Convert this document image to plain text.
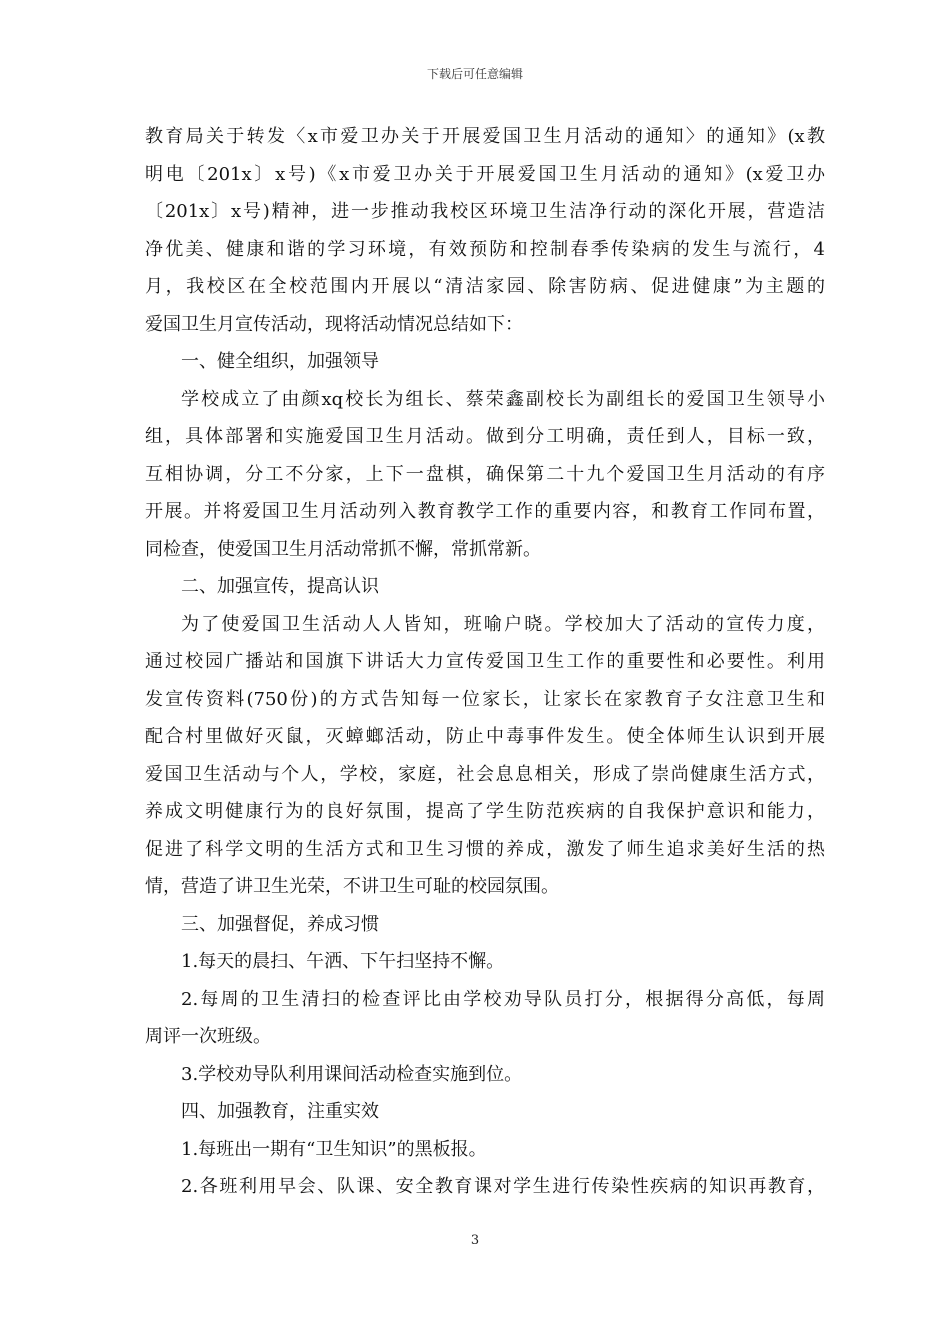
下载后可任意编辑
教育局关于转发〈x市爱卫办关于开展爱国卫生月活动的通知〉的通知》(x教
明电〔201x〕x号)《x市爱卫办关于开展爱国卫生月活动的通知》(x爱卫办
〔201x〕x号)精神，进一步推动我校区环境卫生洁净行动的深化开展，营造洁
净优美、健康和谐的学习环境，有效预防和控制春季传染病的发生与流行，4
月，我校区在全校范围内开展以“清洁家园、除害防病、促进健康”为主题的
爱国卫生月宣传活动，现将活动情况总结如下：
一、健全组织，加强领导
学校成立了由颜xq校长为组长、蔡荣鑫副校长为副组长的爱国卫生领导小
组，具体部署和实施爱国卫生月活动。做到分工明确，责任到人，目标一致，
互相协调，分工不分家，上下一盘棋，确保第二十九个爱国卫生月活动的有序
开展。并将爱国卫生月活动列入教育教学工作的重要内容，和教育工作同布置，
同检查，使爱国卫生月活动常抓不懈，常抓常新。
二、加强宣传，提高认识
为了使爱国卫生活动人人皆知，班喻户晓。学校加大了活动的宣传力度，
通过校园广播站和国旗下讲话大力宣传爱国卫生工作的重要性和必要性。利用
发宣传资料(750份)的方式告知每一位家长，让家长在家教育子女注意卫生和
配合村里做好灭鼠，灭蟑螂活动，防止中毒事件发生。使全体师生认识到开展
爱国卫生活动与个人，学校，家庭，社会息息相关，形成了崇尚健康生活方式，
养成文明健康行为的良好氛围，提高了学生防范疾病的自我保护意识和能力，
促进了科学文明的生活方式和卫生习惯的养成，激发了师生追求美好生活的热
情，营造了讲卫生光荣，不讲卫生可耻的校园氛围。
三、加强督促，养成习惯
1.每天的晨扫、午洒、下午扫坚持不懈。
2.每周的卫生清扫的检查评比由学校劝导队员打分，根据得分高低，每周
周评一次班级。
3.学校劝导队利用课间活动检查实施到位。
四、加强教育，注重实效
1.每班出一期有“卫生知识”的黑板报。
2.各班利用早会、队课、安全教育课对学生进行传染性疾病的知识再教育，
3
